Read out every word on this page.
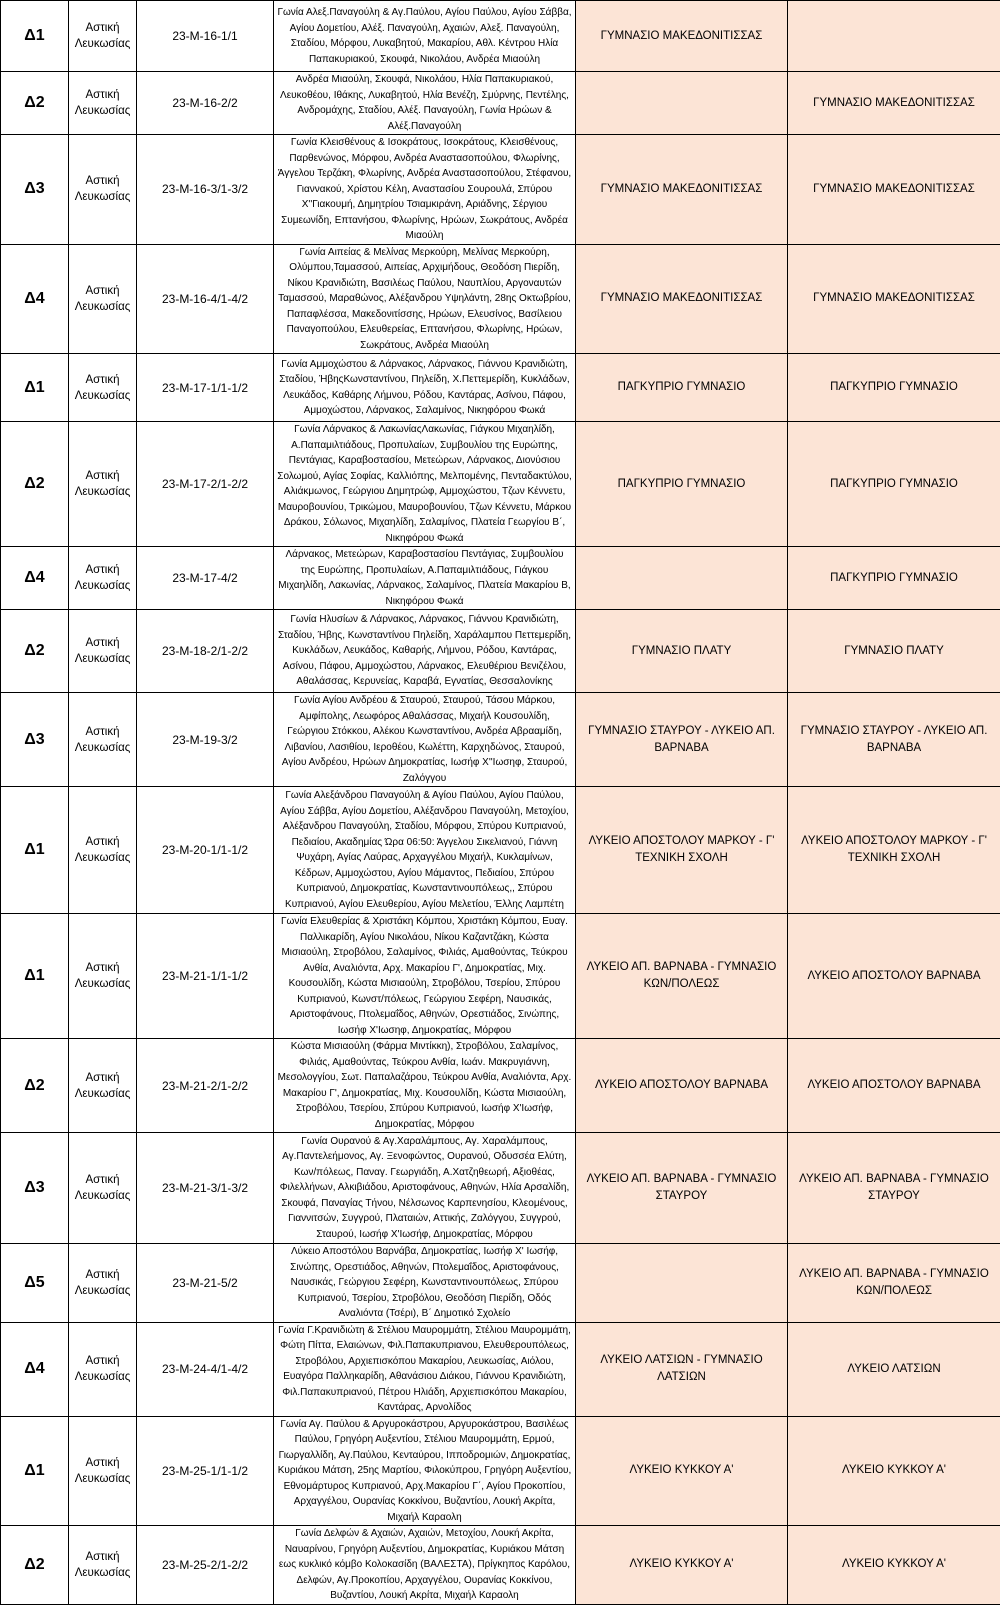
Δ1	Αστική Λευκωσίας	23-Μ-16-1/1	Γωνία Αλεξ.Παναγούλη & Αγ.Παύλου, Αγίου Παύλου, Αγίου Σάββα, Αγίου Δομετίου, Αλέξ. Παναγούλη, Αχαιών, Αλεξ. Παναγούλη, Σταδίου, Μόρφου, Λυκαβητού, Μακαρίου, Αθλ. Κέντρου Ηλία Παπακυριακού, Σκουφά, Νικολάου, Ανδρέα Μιαούλη	ΓΥΜΝΑΣΙΟ ΜΑΚΕΔΟΝΙΤΙΣΣΑΣ	
Δ2	Αστική Λευκωσίας	23-Μ-16-2/2	Ανδρέα Μιαούλη, Σκουφά, Νικολάου, Ηλία Παπακυριακού, Λευκοθέου, Ιθάκης, Λυκαβητού, Ηλία Βενέζη, Σμύρνης, Πεντέλης, Ανδρομάχης, Σταδίου, Αλέξ. Παναγούλη, Γωνία Ηρώων & Αλέξ.Παναγούλη		ΓΥΜΝΑΣΙΟ ΜΑΚΕΔΟΝΙΤΙΣΣΑΣ
Δ3	Αστική Λευκωσίας	23-Μ-16-3/1-3/2	Γωνία Κλεισθένους & Ισοκράτους, Ισοκράτους, Κλεισθένους, Παρθενώνος, Μόρφου, Ανδρέα Αναστασοπούλου, Φλωρίνης, Άγγελου Τερζάκη, Φλωρίνης, Ανδρέα Αναστασοπούλου, Στέφανου, Γιαννακού, Χρίστου Κέλη, Αναστασίου Σουρουλά, Σπύρου Χ''Γιακουμή, Δημητρίου Τσιαμκιράνη, Αριάδνης, Σέργιου Συμεωνίδη, Επτανήσου, Φλωρίνης, Ηρώων, Σωκράτους, Ανδρέα Μιαούλη	ΓΥΜΝΑΣΙΟ ΜΑΚΕΔΟΝΙΤΙΣΣΑΣ	ΓΥΜΝΑΣΙΟ ΜΑΚΕΔΟΝΙΤΙΣΣΑΣ
Δ4	Αστική Λευκωσίας	23-Μ-16-4/1-4/2	Γωνία Αιπείας & Μελίνας Μερκούρη, Μελίνας Μερκούρη, Ολύμπου,Ταμασσού, Αιπείας, Αρχιμήδους, Θεοδόση Πιερίδη, Νίκου Κρανιδιώτη, Βασιλέως Παύλου, Ναυπλίου, Αργοναυτών Ταμασσού, Μαραθώνος, Αλέξανδρου Υψηλάντη, 28ης Οκτωβρίου, Παπαφλέσσα, Μακεδονιτίσσης, Ηρώων, Ελευσίνος, Βασίλειου Παναγοπούλου, Ελευθερείας, Επτανήσου, Φλωρίνης, Ηρώων, Σωκράτους, Ανδρέα Μιαούλη	ΓΥΜΝΑΣΙΟ ΜΑΚΕΔΟΝΙΤΙΣΣΑΣ	ΓΥΜΝΑΣΙΟ ΜΑΚΕΔΟΝΙΤΙΣΣΑΣ
Δ1	Αστική Λευκωσίας	23-Μ-17-1/1-1/2	Γωνία Αμμοχώστου & Λάρνακος, Λάρνακος, Γιάννου Κρανιδιώτη, Σταδίου, ΉβηςΚωνσταντίνου, Πηλείδη, Χ.Πεττεμερίδη, Κυκλάδων, Λευκάδος, Καθάρης Λήμνου, Ρόδου, Καντάρας, Ασίνου, Πάφου, Αμμοχώστου, Λάρνακος, Σαλαμίνος, Νικηφόρου Φωκά	ΠΑΓΚΥΠΡΙΟ ΓΥΜΝΑΣΙΟ	ΠΑΓΚΥΠΡΙΟ ΓΥΜΝΑΣΙΟ
Δ2	Αστική Λευκωσίας	23-Μ-17-2/1-2/2	Γωνία Λάρνακος & ΛακωνίαςΛακωνίας, Γιάγκου Μιχαηλίδη, Α.Παπαμιλτιάδους, Προπυλαίων, Συμβουλίου της Ευρώπης, Πεντάγιας, Καραβοστασίου, Μετεώρων, Λάρνακος, Διονύσιου Σολωμού, Αγίας Σοφίας, Καλλιόπης, Μελπομένης, Πενταδακτύλου, Αλιάκμωνος, Γεώργιου Δημητρώφ, Αμμοχώστου, Τζων Κέννετυ, Μαυροβουνίου, Τρικώμου, Μαυροβουνίου, Τζων Κέννετυ, Μάρκου Δράκου, Σόλωνος, Μιχαηλίδη, Σαλαμίνος, Πλατεία Γεωργίου Β΄, Νικηφόρου Φωκά	ΠΑΓΚΥΠΡΙΟ ΓΥΜΝΑΣΙΟ	ΠΑΓΚΥΠΡΙΟ ΓΥΜΝΑΣΙΟ
Δ4	Αστική Λευκωσίας	23-Μ-17-4/2	Λάρνακος, Μετεώρων, Καραβοστασίου Πεντάγιας, Συμβουλίου της Ευρώπης, Προπυλαίων, Α.Παπαμιλτιάδους, Γιάγκου Μιχαηλίδη, Λακωνίας, Λάρνακος, Σαλαμίνος, Πλατεία Μακαρίου Β, Νικηφόρου Φωκά		ΠΑΓΚΥΠΡΙΟ ΓΥΜΝΑΣΙΟ
Δ2	Αστική Λευκωσίας	23-Μ-18-2/1-2/2	Γωνία Ηλυσίων & Λάρνακος, Λάρνακος, Γιάννου Κρανιδιώτη, Σταδίου, Ήβης, Κωνσταντίνου Πηλείδη, Χαράλαμπου Πεττεμερίδη, Κυκλάδων, Λευκάδος, Καθαρής, Λήμνου, Ρόδου, Καντάρας, Ασίνου, Πάφου, Αμμοχώστου, Λάρνακος, Ελευθέριου Βενιζέλου, Αθαλάσσας, Κερυνείας, Καραβά, Εγνατίας, Θεσσαλονίκης	ΓΥΜΝΑΣΙΟ ΠΛΑΤΥ	ΓΥΜΝΑΣΙΟ ΠΛΑΤΥ
Δ3	Αστική Λευκωσίας	23-Μ-19-3/2	Γωνία Αγίου Ανδρέου & Σταυρού, Σταυρού, Τάσου Μάρκου, Αμφίπολης, Λεωφόρος Αθαλάσσας, Μιχαήλ Κουσουλίδη, Γεώργιου Στόκκου, Αλέκου Κωνσταντίνου, Ανδρέα Αβρααμίδη, Λιβανίου, Λασιθίου, Ιεροθέου, Κωλέττη, Καρχηδώνος, Σταυρού, Αγίου Ανδρέου, Ηρώων Δημοκρατίας, Ιωσήφ Χ''Ιωσηφ, Σταυρού, Ζαλόγγου	ΓΥΜΝΑΣΙΟ ΣΤΑΥΡΟΥ - ΛΥΚΕΙΟ ΑΠ. ΒΑΡΝΑΒΑ	ΓΥΜΝΑΣΙΟ ΣΤΑΥΡΟΥ - ΛΥΚΕΙΟ ΑΠ. ΒΑΡΝΑΒΑ
Δ1	Αστική Λευκωσίας	23-Μ-20-1/1-1/2	Γωνία Αλεξάνδρου Παναγούλη & Αγίου Παύλου, Αγίου Παύλου, Αγίου Σάββα, Αγίου Δομετίου, Αλέξανδρου Παναγούλη, Μετοχίου, Αλέξανδρου Παναγούλη, Σταδίου, Μόρφου, Σπύρου Κυπριανού, Πεδιαίου, Ακαδημίας Ώρα 06:50: Άγγελου Σικελιανού, Γιάννη Ψυχάρη, Αγίας Λαύρας, Αρχαγγέλου Μιχαήλ, Κυκλαμίνων, Κέδρων, Αμμοχώστου, Αγίου Μάμαντος, Πεδιαίου, Σπύρου Κυπριανού, Δημοκρατίας, Κωνσταντινουπόλεως,, Σπύρου Κυπριανού, Αγίου Ελευθερίου, Αγίου Μελετίου, Έλλης Λαμπέτη	ΛΥΚΕΙΟ ΑΠΟΣΤΟΛΟΥ ΜΑΡΚΟΥ - Γ' ΤΕΧΝΙΚΗ ΣΧΟΛΗ	ΛΥΚΕΙΟ ΑΠΟΣΤΟΛΟΥ ΜΑΡΚΟΥ - Γ' ΤΕΧΝΙΚΗ ΣΧΟΛΗ
Δ1	Αστική Λευκωσίας	23-Μ-21-1/1-1/2	Γωνία Ελευθερίας & Χριστάκη Κόμπου, Χριστάκη Κόμπου, Ευαγ. Παλλικαρίδη, Αγίου Νικολάου, Νίκου Καζαντζάκη, Κώστα Μισιαούλη, Στροβόλου, Σαλαμίνος, Φιλιάς, Αμαθούντας, Τεύκρου Ανθία, Αναλιόντα, Αρχ. Μακαρίου Γ', Δημοκρατίας, Μιχ. Κουσουλίδη, Κώστα Μισιαούλη, Στροβόλου, Τσερίου, Σπύρου Κυπριανού, Κωνστ/πόλεως, Γεώργιου Σεφέρη, Ναυσικάς, Αριστοφάνους, Πτολεμαΐδος, Αθηνών, Ορεστιάδος, Σινώπης, Ιωσήφ Χ'Ιωσηφ, Δημοκρατίας, Μόρφου	ΛΥΚΕΙΟ ΑΠ. ΒΑΡΝΑΒΑ - ΓΥΜΝΑΣΙΟ ΚΩΝ/ΠΟΛΕΩΣ	ΛΥΚΕΙΟ ΑΠΟΣΤΟΛΟΥ ΒΑΡΝΑΒΑ
Δ2	Αστική Λευκωσίας	23-Μ-21-2/1-2/2	Κώστα Μισιαούλη (Φάρμα Μιντίκκη), Στροβόλου, Σαλαμίνος, Φιλιάς, Αμαθούντας, Τεύκρου Ανθία, Ιωάν. Μακρυγιάννη, Μεσολογγίου, Σωτ. Παπαλαζάρου, Τεύκρου Ανθία, Αναλιόντα, Αρχ. Μακαρίου Γ', Δημοκρατίας, Μιχ. Κουσουλίδη, Κώστα Μισιαούλη, Στροβόλου, Τσερίου, Σπύρου Κυπριανού, Ιωσήφ Χ'Ιωσήφ, Δημοκρατίας, Μόρφου	ΛΥΚΕΙΟ ΑΠΟΣΤΟΛΟΥ ΒΑΡΝΑΒΑ	ΛΥΚΕΙΟ ΑΠΟΣΤΟΛΟΥ ΒΑΡΝΑΒΑ
Δ3	Αστική Λευκωσίας	23-Μ-21-3/1-3/2	Γωνία Ουρανού & Αγ.Χαραλάμπους, Αγ. Χαραλάμπους, Αγ.Παντελεήμονος, Αγ. Ξενοφώντος, Ουρανού, Οδυσσέα Ελύτη, Κων/πόλεως, Παναγ. Γεωργιάδη, Α.Χατζηθεωρή, Αξιοθέας, Φιλελλήνων, Αλκιβιάδου, Αριστοφάνους, Αθηνών, Ηλία Αρσαλίδη, Σκουφά, Παναγίας Τήνου, Νέλσωνος Καρπενησίου, Κλεομένους, Γιαννιτσών, Συγγρού, Πλαταιών, Αττικής, Ζαλόγγου, Συγγρού, Σταυρού, Ιωσήφ Χ'Ιωσήφ, Δημοκρατίας, Μόρφου	ΛΥΚΕΙΟ ΑΠ. ΒΑΡΝΑΒΑ - ΓΥΜΝΑΣΙΟ ΣΤΑΥΡΟΥ	ΛΥΚΕΙΟ ΑΠ. ΒΑΡΝΑΒΑ - ΓΥΜΝΑΣΙΟ ΣΤΑΥΡΟΥ
Δ5	Αστική Λευκωσίας	23-Μ-21-5/2	Λύκειο Αποστόλου Βαρνάβα, Δημοκρατίας, Ιωσήφ Χ' Ιωσήφ, Σινώπης, Ορεστιάδος, Αθηνών, Πτολεμαΐδος, Αριστοφάνους, Ναυσικάς, Γεώργιου Σεφέρη, Κωνσταντινουπόλεως, Σπύρου Κυπριανού, Τσερίου, Στροβόλου, Θεοδόση Πιερίδη, Οδός Αναλιόντα (Τσέρι), Β΄ Δημοτικό Σχολείο		ΛΥΚΕΙΟ ΑΠ. ΒΑΡΝΑΒΑ - ΓΥΜΝΑΣΙΟ ΚΩΝ/ΠΟΛΕΩΣ
Δ4	Αστική Λευκωσίας	23-Μ-24-4/1-4/2	Γωνία Γ.Κρανιδιώτη & Στέλιου Μαυρομμάτη, Στέλιου Μαυρομμάτη, Φώτη Πίττα, Ελαιώνων, Φιλ.Παπακυπριανου, Ελευθερουπόλεως, Στροβόλου, Αρχιεπισκόπου Μακαρίου, Λευκωσίας, Αιόλου, Ευαγόρα Παλληκαρίδη, Αθανάσιου Διάκου, Γιάννου Κρανιδιώτη, Φιλ.Παπακυπριανού, Πέτρου Ηλιάδη, Αρχιεπισκόπου Μακαρίου, Καντάρας, Αρνολίδος	ΛΥΚΕΙΟ ΛΑΤΣΙΩΝ - ΓΥΜΝΑΣΙΟ ΛΑΤΣΙΩΝ	ΛΥΚΕΙΟ ΛΑΤΣΙΩΝ
Δ1	Αστική Λευκωσίας	23-Μ-25-1/1-1/2	Γωνία Αγ. Παύλου & Αργυροκάστρου, Αργυροκάστρου, Βασιλέως Παύλου, Γρηγόρη Αυξεντίου, Στέλιου Μαυρομμάτη, Ερμού, Γιωργαλλίδη, Αγ.Παύλου, Κενταύρου, Ιπποδρομιών, Δημοκρατίας, Κυριάκου Μάτση, 25ης Μαρτίου, Φιλοκύπρου, Γρηγόρη Αυξεντίου, Εθνομάρτυρος Κυπριανού, Αρχ.Μακαρίου Γ΄, Αγίου Προκοπίου, Αρχαγγέλου, Ουρανίας Κοκκίνου, Βυζαντίου, Λουκή Ακρίτα, Μιχαήλ Καραολη	ΛΥΚΕΙΟ ΚΥΚΚΟΥ Α'	ΛΥΚΕΙΟ ΚΥΚΚΟΥ Α'
Δ2	Αστική Λευκωσίας	23-Μ-25-2/1-2/2	Γωνία Δελφών & Αχαιών, Αχαιών, Μετοχίου, Λουκή Ακρίτα, Ναυαρίνου, Γρηγόρη Αυξεντίου, Δημοκρατίας, Κυριάκου Μάτση εως κυκλικό κόμβο Κολοκασίδη (ΒΑΛΕΣΤΑ), Πρίγκηπος Καρόλου, Δελφών, Αγ.Προκοπίου, Αρχαγγέλου, Ουρανίας Κοκκίνου, Βυζαντίου, Λουκή Ακρίτα, Μιχαήλ Καραολη	ΛΥΚΕΙΟ ΚΥΚΚΟΥ Α'	ΛΥΚΕΙΟ ΚΥΚΚΟΥ Α'
